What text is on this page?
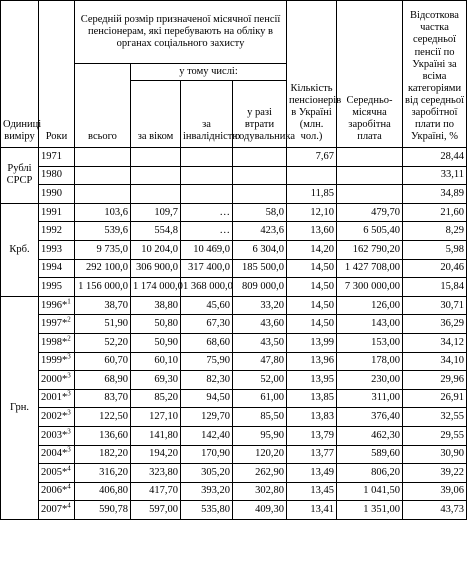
Одиниці виміру	Роки	Середній розмір призначеної місячної пенсії пенсіонерам, які перебувають на обліку в органах соціального захисту				Кількість пенсіонерів в Україні (млн. чол.)	Середньо-місячна заробітна плата	Відсоткова частка середньої пенсії по Україні за всіма категоріями від середньої заробітної плати по Україні, %

		всього	у тому числі:					
			за віком	за інвалідністю	у разі втрати годувальника			
Рублі СРСР	1971					7,67		28,44
	1980							33,11
	1990					11,85		34,89
Крб.	1991	103,6	109,7	…	58,0	12,10	479,70	21,60
	1992	539,6	554,8	…	423,6	13,60	6 505,40	8,29
	1993	9 735,0	10 204,0	10 469,0	6 304,0	14,20	162 790,20	5,98
	1994	292 100,0	306 900,0	317 400,0	185 500,0	14,50	1 427 708,00	20,46
	1995	1 156 000,0	1 174 000,0	1 368 000,0	809 000,0	14,50	7 300 000,00	15,84
Грн.	1996*$^1$	38,70	38,80	45,60	33,20	14,50	126,00	30,71
	1997*$^2$	51,90	50,80	67,30	43,60	14,50	143,00	36,29
	1998*$^2$	52,20	50,90	68,60	43,50	13,99	153,00	34,12
	1999*$^3$	60,70	60,10	75,90	47,80	13,96	178,00	34,10
	2000*$^3$	68,90	69,30	82,30	52,00	13,95	230,00	29,96
	2001*$^3$	83,70	85,20	94,50	61,00	13,85	311,00	26,91
	2002*$^3$	122,50	127,10	129,70	85,50	13,83	376,40	32,55
	2003*$^3$	136,60	141,80	142,40	95,90	13,79	462,30	29,55
	2004*$^3$	182,20	194,20	170,90	120,20	13,77	589,60	30,90
	2005*$^4$	316,20	323,80	305,20	262,90	13,49	806,20	39,22
	2006*$^4$	406,80	417,70	393,20	302,80	13,45	1 041,50	39,06
	2007*$^4$	590,78	597,00	535,80	409,30	13,41	1 351,00	43,73
